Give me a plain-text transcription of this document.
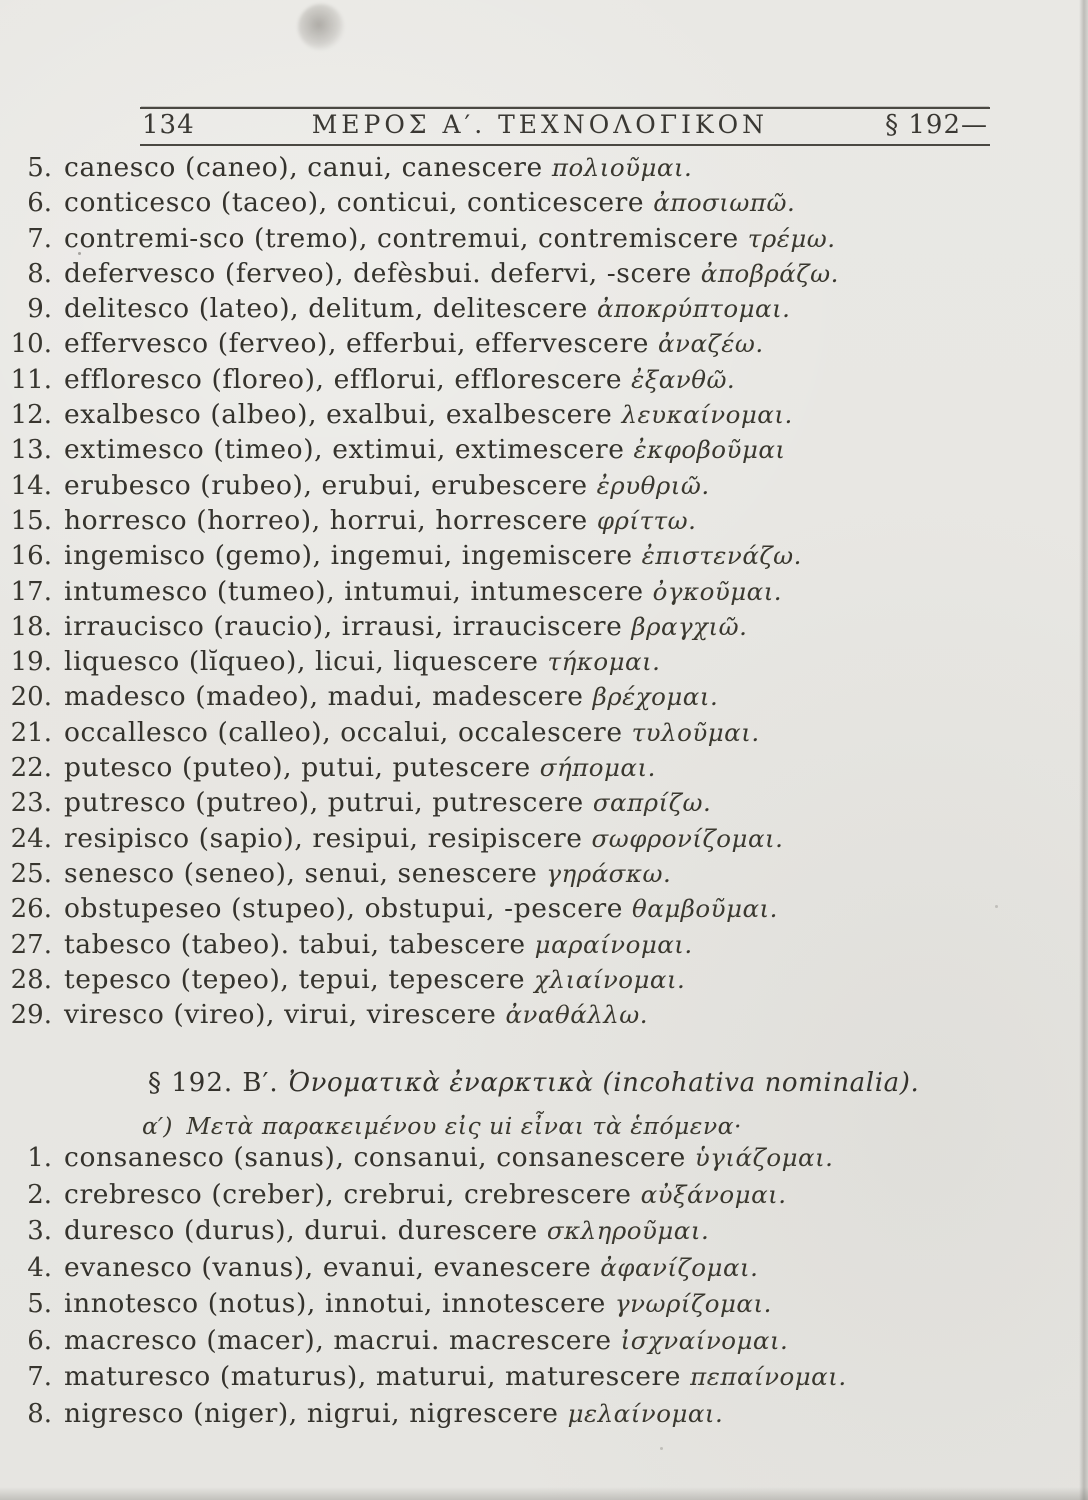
134	ΜΕΡΟΣ Α′. ΤΕΧΝΟΛΟΓΙΚΟΝ	§ 192—
5. canesco (caneo), canui, canescere πολιοῦμαι.
6. conticesco (taceo), conticui, conticescere ἀποσιωπῶ.
7. contremi-sco (tremo), contremui, contremiscere τρέμω.
8. defervesco (ferveo), defèsbui. defervi, -scere ἀποβράζω.
9. delitesco (lateo), delitum, delitescere ἀποκρύπτομαι.
10. effervesco (ferveo), efferbui, effervescere ἀναζέω.
11. effloresco (floreo), efflorui, efflorescere ἐξανθῶ.
12. exalbesco (albeo), exalbui, exalbescere λευκαίνομαι.
13. extimesco (timeo), extimui, extimescere ἐκφοβοῦμαι
14. erubesco (rubeo), erubui, erubescere ἐρυθριῶ.
15. horresco (horreo), horrui, horrescere φρίττω.
16. ingemisco (gemo), ingemui, ingemiscere ἐπιστενάζω.
17. intumesco (tumeo), intumui, intumescere ὀγκοῦμαι.
18. irraucisco (raucio), irrausi, irrauciscere βραγχιῶ.
19. liquesco (lĭqueo), licui, liquescere τήκομαι.
20. madesco (madeo), madui, madescere βρέχομαι.
21. occallesco (calleo), occalui, occalescere τυλοῦμαι.
22. putesco (puteo), putui, putescere σήπομαι.
23. putresco (putreo), putrui, putrescere σαπρίζω.
24. resipisco (sapio), resipui, resipiscere σωφρονίζομαι.
25. senesco (seneo), senui, senescere γηράσκω.
26. obstupeseo (stupeo), obstupui, -pescere θαμβοῦμαι.
27. tabesco (tabeo). tabui, tabescere μαραίνομαι.
28. tepesco (tepeo), tepui, tepescere χλιαίνομαι.
29. viresco (vireo), virui, virescere ἀναθάλλω.
§ 192. Β′. Ὀνοματικὰ ἐναρκτικὰ (incohativa nominalia).
α′) Μετὰ παρακειμένου εἰς ui εἶναι τὰ ἑπόμενα·
1. consanesco (sanus), consanui, consanescere ὑγιάζομαι.
2. crebresco (creber), crebrui, crebrescere αὐξάνομαι.
3. duresco (durus), durui. durescere σκληροῦμαι.
4. evanesco (vanus), evanui, evanescere ἀφανίζομαι.
5. innotesco (notus), innotui, innotescere γνωρίζομαι.
6. macresco (macer), macrui. macrescere ἰσχναίνομαι.
7. maturesco (maturus), maturui, maturescere πεπαίνομαι.
8. nigresco (niger), nigrui, nigrescere μελαίνομαι.
